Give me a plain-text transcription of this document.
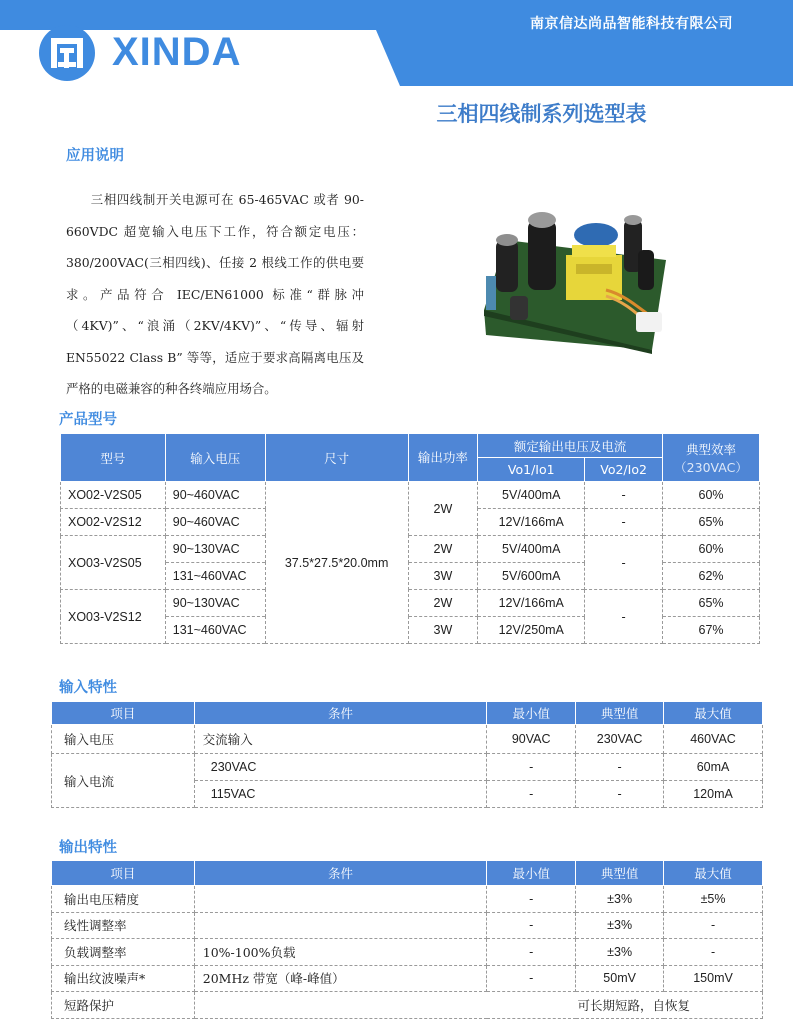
南京信达尚品智能科技有限公司
XINDA
三相四线制系列选型表
应用说明

三相四线制开关电源可在 65-465VAC 或者 90-660VDC 超宽输入电压下工作，符合额定电压：380/200VAC(三相四线)、任接 2 根线工作的供电要求。产品符合 IEC/EN61000 标准“群脉冲（4KV)”、“浪涌（2KV/4KV)”、“传导、辐射 EN55022 Class B” 等等，适应于要求高隔离电压及严格的电磁兼容的种各终端应用场合。

产品型号
型号	输入电压	尺寸	输出功率	额定输出电压及电流		典型效率
（230VAC）

				Vo1/Io1	Vo2/Io2	
XO02-V2S05	90~460VAC	37.5*27.5*20.0mm	2W	5V/400mA	-	60%
XO02-V2S12	90~460VAC			12V/166mA	-	65%
XO03-V2S05	90~130VAC		2W	5V/400mA	-	60%
	131~460VAC		3W	5V/600mA		62%
XO03-V2S12	90~130VAC		2W	12V/166mA	-	65%
	131~460VAC		3W	12V/250mA		67%
输入特性
项目	条件	最小值	典型值	最大值
输入电压	交流输入	90VAC	230VAC	460VAC
输入电流	230VAC	-	-	60mA
	115VAC	-	-	120mA
输出特性
项目	条件	最小值	典型值	最大值
输出电压精度		-	±3%	±5%
线性调整率		-	±3%	-
负载调整率	10%-100%负载	-	±3%	-
输出纹波噪声*	20MHz 带宽（峰-峰值）	-	50mV	150mV
短路保护	可长期短路，自恢复			
